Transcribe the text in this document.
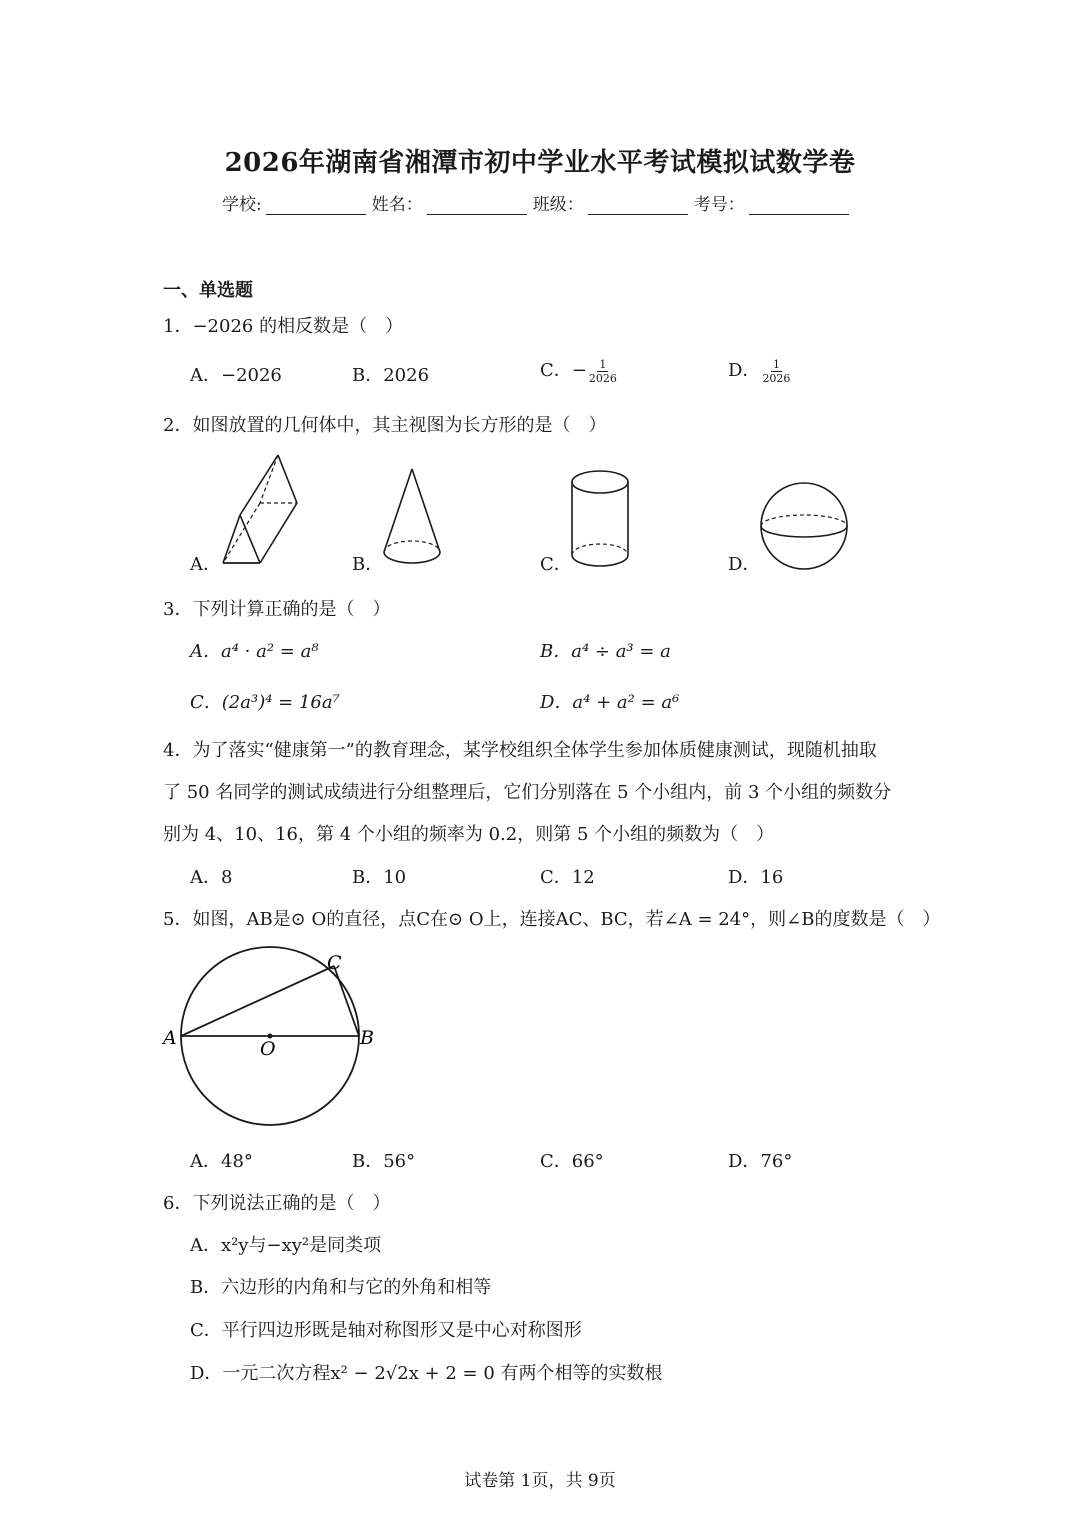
2026年湖南省湘潭市初中学业水平考试模拟试数学卷
学校:	姓名：	班级：	考号：
一、单选题
1．−2026 的相反数是（　）
A．−2026	B．2026	C．− $\frac{1}{2026}$	D． $\frac{1}{2026}$
2．如图放置的几何体中，其主视图为长方形的是（　）
A．	B．	C．	D．
3．下列计算正确的是（　）
A．a⁴ · a² = a⁸	B．a⁴ ÷ a³ = a
C．(2a³)⁴ = 16a⁷	D．a⁴ + a² = a⁶
4．为了落实“健康第一”的教育理念，某学校组织全体学生参加体质健康测试，现随机抽取
了 50 名同学的测试成绩进行分组整理后，它们分别落在 5 个小组内，前 3 个小组的频数分
别为 4、10、16，第 4 个小组的频率为 0.2，则第 5 个小组的频数为（　）
A．8	B．10	C．12	D．16
5．如图，AB是⊙ O的直径，点C在⊙ O上，连接AC、BC，若∠A = 24°，则∠B的度数是（　）
A	B
C
O
A．48°	B．56°	C．66°	D．76°
6．下列说法正确的是（　）
A．x²y与−xy²是同类项
B．六边形的内角和与它的外角和相等
C．平行四边形既是轴对称图形又是中心对称图形
D．一元二次方程x² − 2√2x + 2 = 0 有两个相等的实数根
试卷第 1页，共 9页
